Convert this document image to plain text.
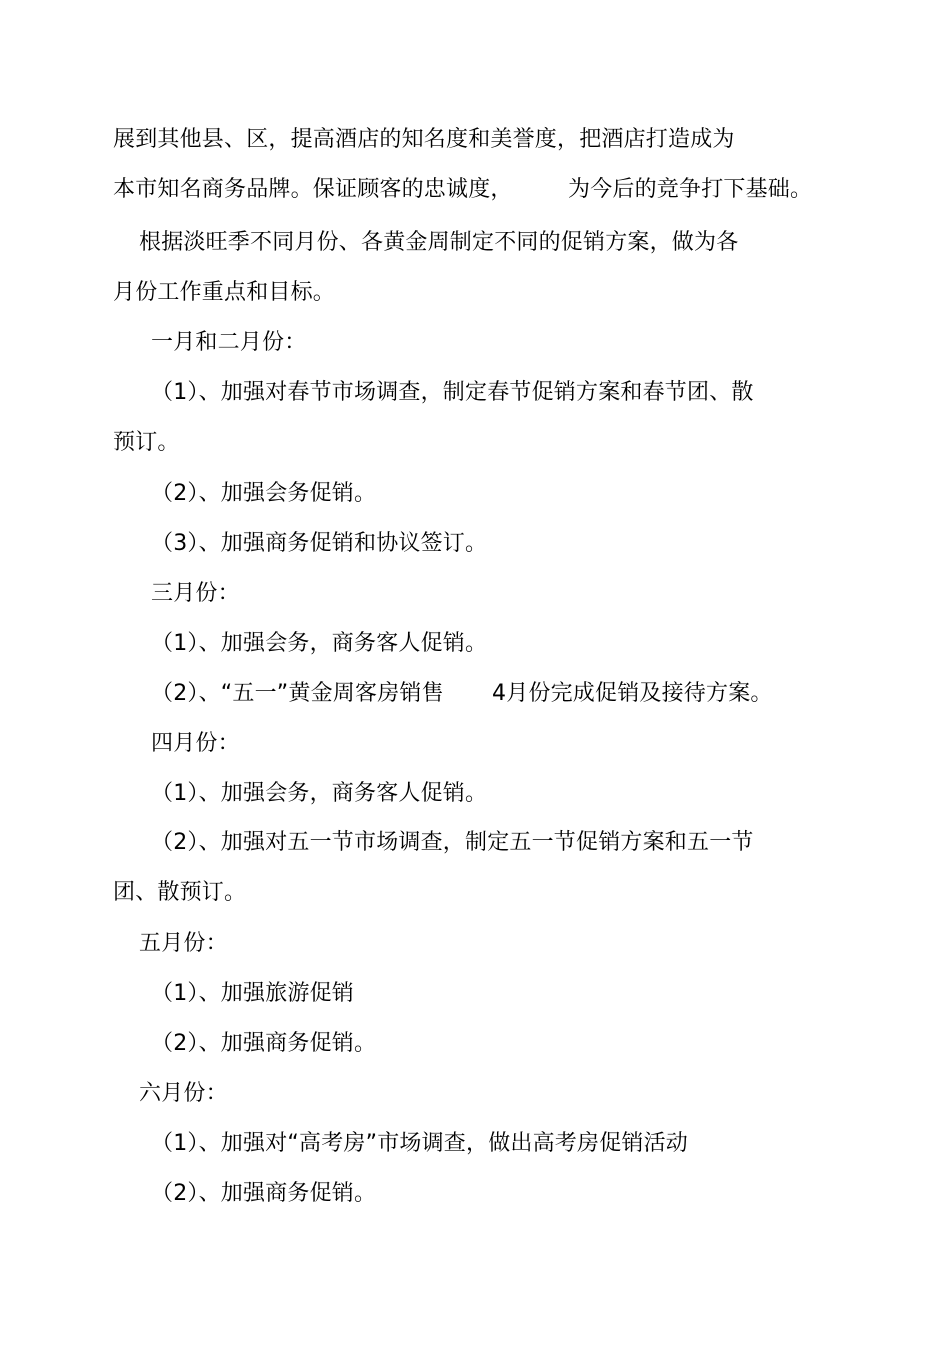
展到其他县、区，提高酒店的知名度和美誉度，把酒店打造成为
本市知名商务品牌。保证顾客的忠诚度，	为今后的竞争打下基础。
根据淡旺季不同月份、各黄金周制定不同的促销方案，做为各
月份工作重点和目标。
一月和二月份：
（1）、加强对春节市场调查，制定春节促销方案和春节团、散
预订。
（2）、加强会务促销。
（3）、加强商务促销和协议签订。
三月份：
（1）、加强会务，商务客人促销。
（2）、“五一”黄金周客房销售 4月份完成促销及接待方案。
四月份：
（1）、加强会务，商务客人促销。
（2）、加强对五一节市场调查，制定五一节促销方案和五一节
团、散预订。
五月份：
（1）、加强旅游促销
（2）、加强商务促销。
六月份：
（1）、加强对“高考房”市场调查，做出高考房促销活动
（2）、加强商务促销。
